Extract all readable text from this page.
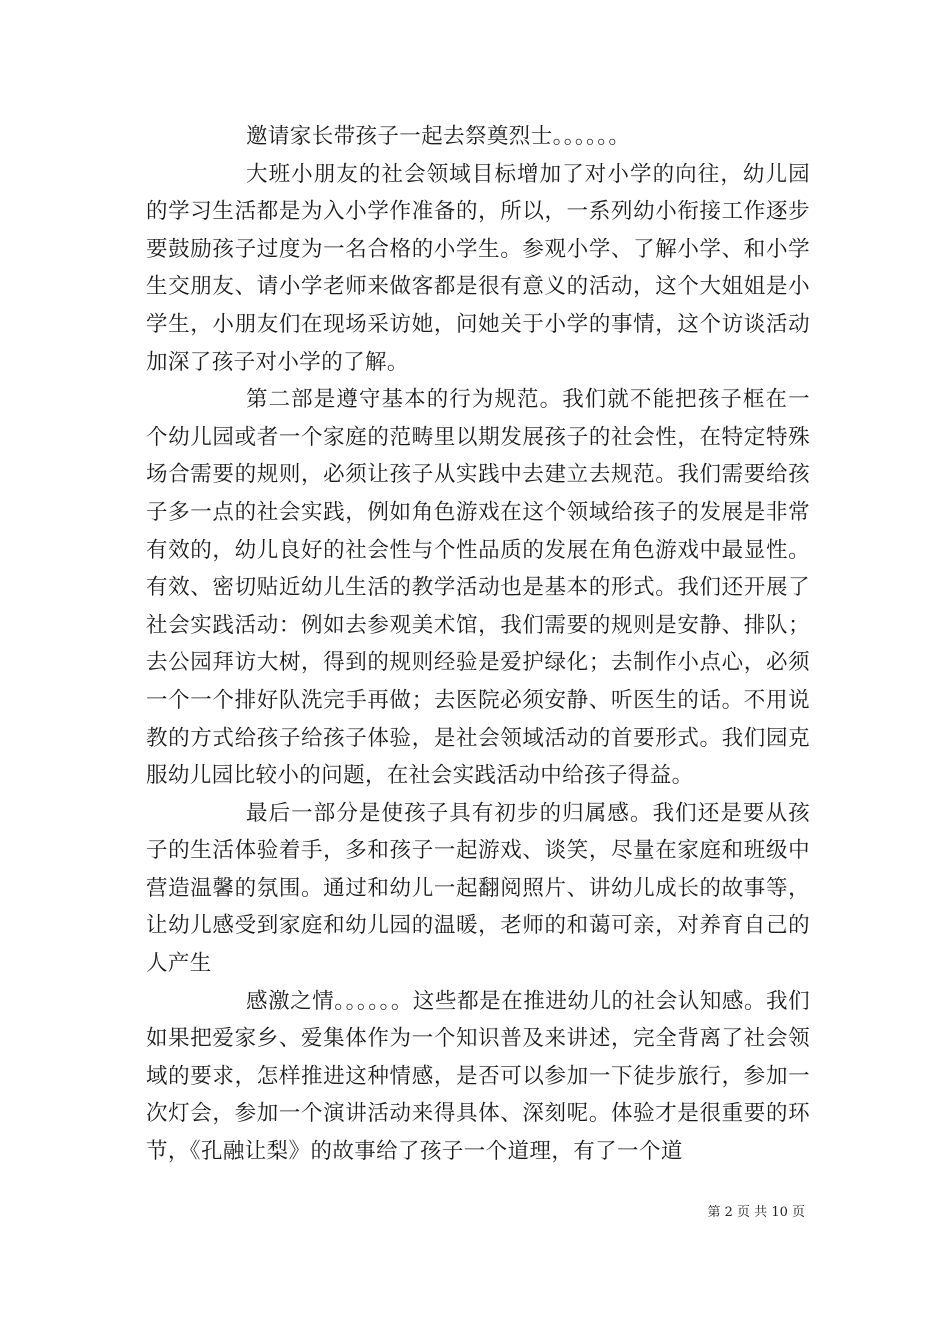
邀请家长带孩子一起去祭奠烈士。。。。。。

大班小朋友的社会领域目标增加了对小学的向往，幼儿园的学习生活都是为入小学作准备的，所以，一系列幼小衔接工作逐步要鼓励孩子过度为一名合格的小学生。参观小学、了解小学、和小学生交朋友、请小学老师来做客都是很有意义的活动，这个大姐姐是小学生，小朋友们在现场采访她，问她关于小学的事情，这个访谈活动加深了孩子对小学的了解。

第二部是遵守基本的行为规范。我们就不能把孩子框在一个幼儿园或者一个家庭的范畴里以期发展孩子的社会性，在特定特殊场合需要的规则，必须让孩子从实践中去建立去规范。我们需要给孩子多一点的社会实践，例如角色游戏在这个领域给孩子的发展是非常有效的，幼儿良好的社会性与个性品质的发展在角色游戏中最显性。有效、密切贴近幼儿生活的教学活动也是基本的形式。我们还开展了社会实践活动：例如去参观美术馆，我们需要的规则是安静、排队；去公园拜访大树，得到的规则经验是爱护绿化；去制作小点心，必须一个一个排好队洗完手再做；去医院必须安静、听医生的话。不用说教的方式给孩子给孩子体验，是社会领域活动的首要形式。我们园克服幼儿园比较小的问题，在社会实践活动中给孩子得益。

最后一部分是使孩子具有初步的归属感。我们还是要从孩子的生活体验着手，多和孩子一起游戏、谈笑，尽量在家庭和班级中营造温馨的氛围。通过和幼儿一起翻阅照片、讲幼儿成长的故事等，让幼儿感受到家庭和幼儿园的温暖，老师的和蔼可亲，对养育自己的人产生

感激之情。。。。。。这些都是在推进幼儿的社会认知感。我们如果把爱家乡、爱集体作为一个知识普及来讲述，完全背离了社会领域的要求，怎样推进这种情感，是否可以参加一下徒步旅行，参加一次灯会，参加一个演讲活动来得具体、深刻呢。体验才是很重要的环节，《孔融让梨》的故事给了孩子一个道理，有了一个道

第 2 页 共 10 页
